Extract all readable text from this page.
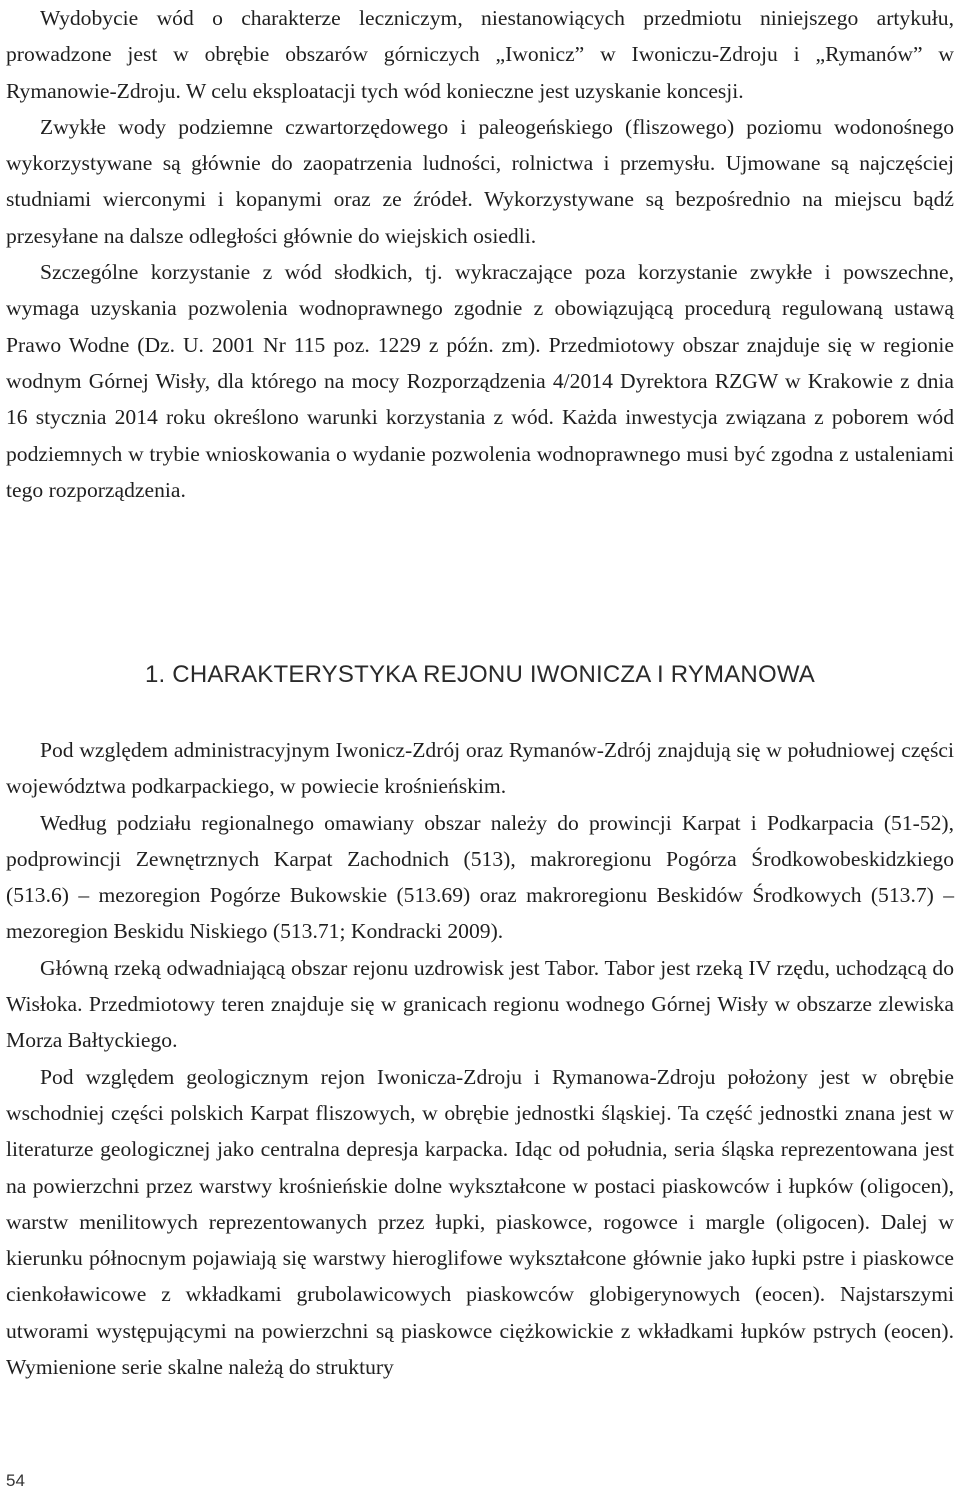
Wydobycie wód o charakterze leczniczym, niestanowiących przedmiotu niniejszego artykułu, prowadzone jest w obrębie obszarów górniczych „Iwonicz” w Iwoniczu-Zdroju i „Rymanów” w Rymanowie-Zdroju. W celu eksploatacji tych wód konieczne jest uzyskanie koncesji.

Zwykłe wody podziemne czwartorzędowego i paleogeńskiego (fliszowego) poziomu wodonośnego wykorzystywane są głównie do zaopatrzenia ludności, rolnictwa i przemysłu. Ujmowane są najczęściej studniami wierconymi i kopanymi oraz ze źródeł. Wykorzystywane są bezpośrednio na miejscu bądź przesyłane na dalsze odległości głównie do wiejskich osiedli.

Szczególne korzystanie z wód słodkich, tj. wykraczające poza korzystanie zwykłe i powszechne, wymaga uzyskania pozwolenia wodnoprawnego zgodnie z obowiązującą procedurą regulowaną ustawą Prawo Wodne (Dz. U. 2001 Nr 115 poz. 1229 z późn. zm). Przedmiotowy obszar znajduje się w regionie wodnym Górnej Wisły, dla którego na mocy Rozporządzenia 4/2014 Dyrektora RZGW w Krakowie z dnia 16 stycznia 2014 roku określono warunki korzystania z wód. Każda inwestycja związana z poborem wód podziemnych w trybie wnioskowania o wydanie pozwolenia wodnoprawnego musi być zgodna z ustaleniami tego rozporządzenia.

1. CHARAKTERYSTYKA REJONU IWONICZA I RYMANOWA

Pod względem administracyjnym Iwonicz-Zdrój oraz Rymanów-Zdrój znajdują się w południowej części województwa podkarpackiego, w powiecie krośnieńskim.

Według podziału regionalnego omawiany obszar należy do prowincji Karpat i Podkarpacia (51-52), podprowincji Zewnętrznych Karpat Zachodnich (513), makroregionu Pogórza Środkowobeskidzkiego (513.6) – mezoregion Pogórze Bukowskie (513.69) oraz makroregionu Beskidów Środkowych (513.7) – mezoregion Beskidu Niskiego (513.71; Kondracki 2009).

Główną rzeką odwadniającą obszar rejonu uzdrowisk jest Tabor. Tabor jest rzeką IV rzędu, uchodzącą do Wisłoka. Przedmiotowy teren znajduje się w granicach regionu wodnego Górnej Wisły w obszarze zlewiska Morza Bałtyckiego.

Pod względem geologicznym rejon Iwonicza-Zdroju i Rymanowa-Zdroju położony jest w obrębie wschodniej części polskich Karpat fliszowych, w obrębie jednostki śląskiej. Ta część jednostki znana jest w literaturze geologicznej jako centralna depresja karpacka. Idąc od południa, seria śląska reprezentowana jest na powierzchni przez warstwy krośnieńskie dolne wykształcone w postaci piaskowców i łupków (oligocen), warstw menilitowych reprezentowanych przez łupki, piaskowce, rogowce i margle (oligocen). Dalej w kierunku północnym pojawiają się warstwy hieroglifowe wykształcone głównie jako łupki pstre i piaskowce cienkoławicowe z wkładkami grubolawicowych piaskowców globigerynowych (eocen). Najstarszymi utworami występującymi na powierzchni są piaskowce ciężkowickie z wkładkami łupków pstrych (eocen). Wymienione serie skalne należą do struktury

54
